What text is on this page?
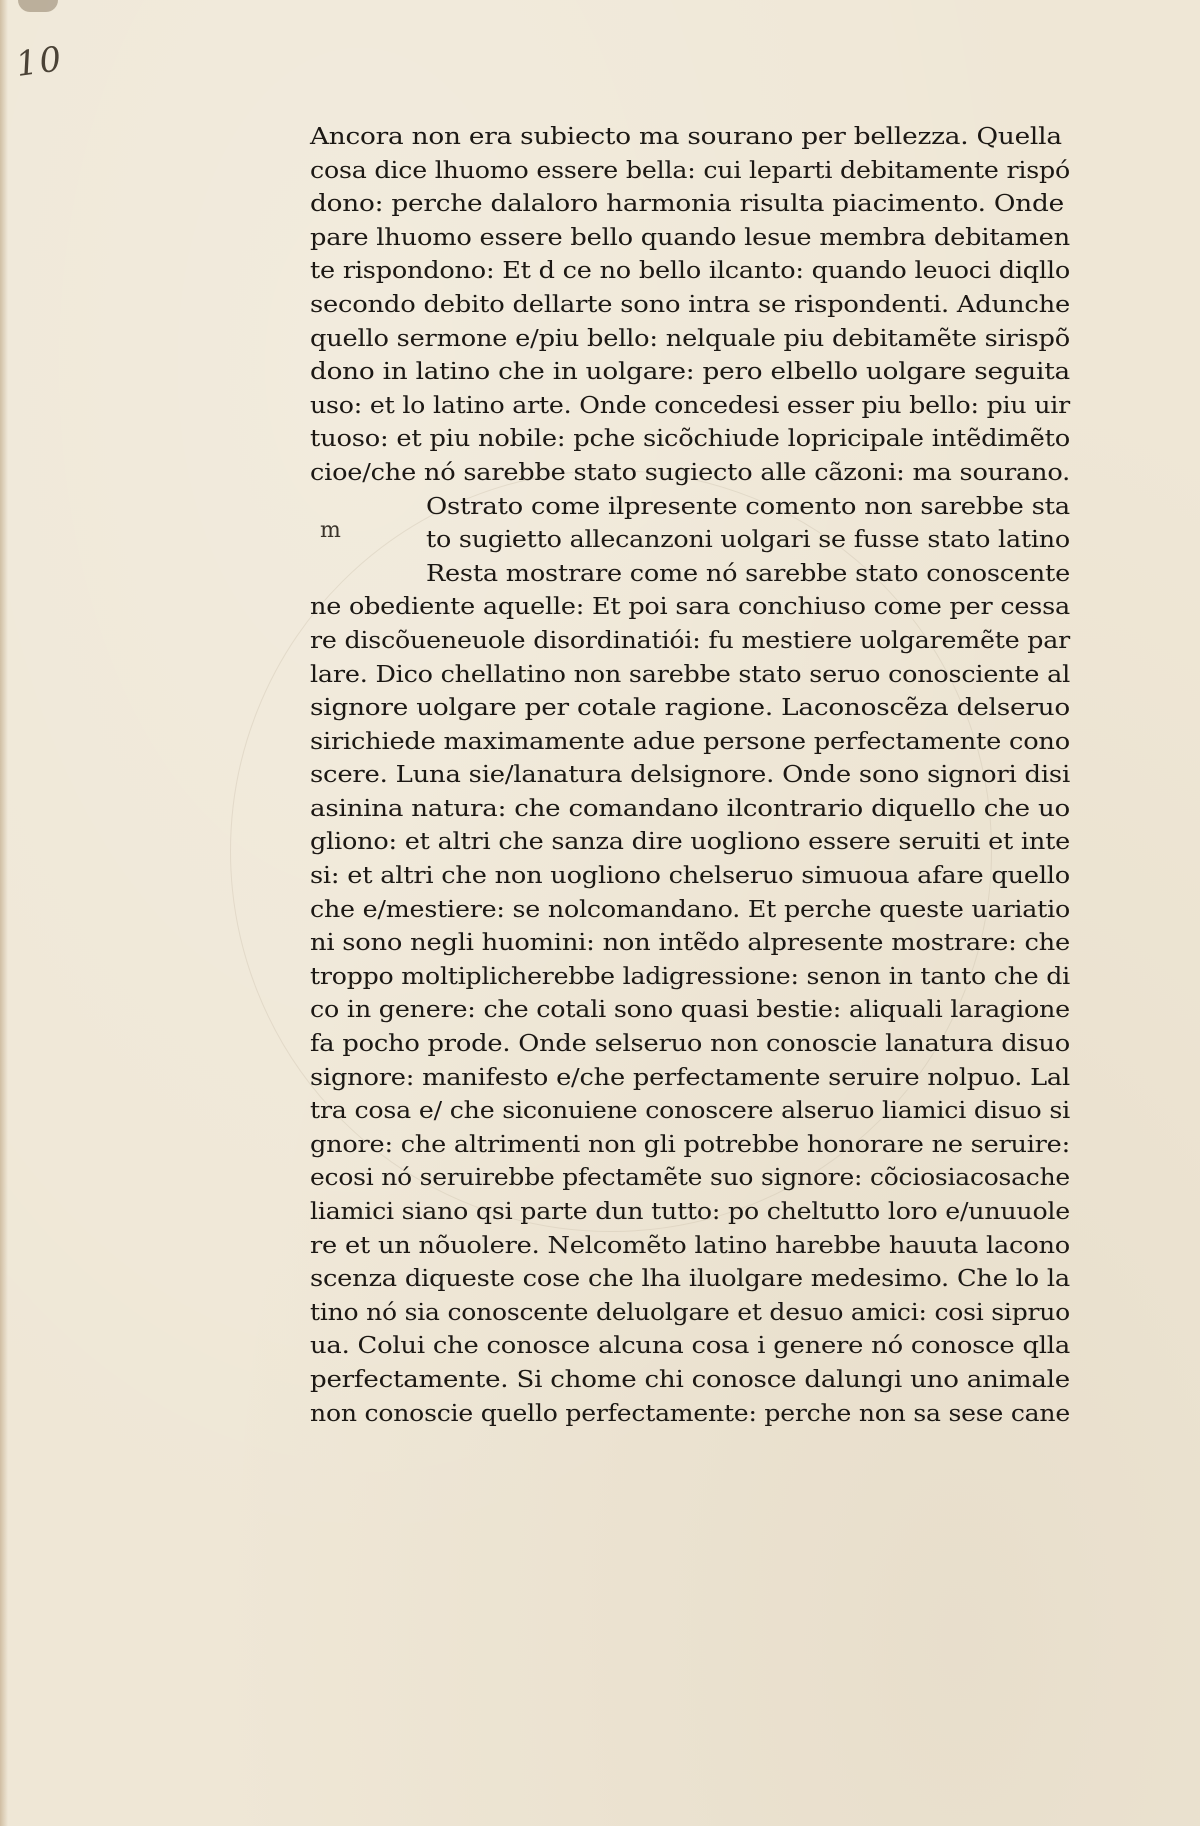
10
m
Ancora non era subiecto ma sourano per bellezza. Quella
cosa dice lhuomo essere bella: cui leparti debitamente rispó
dono: perche dalaloro harmonia risulta piacimento. Onde
pare lhuomo essere bello quando lesue membra debitamen
te rispondono: Et d ce no bello ilcanto: quando leuoci diqllo
secondo debito dellarte sono intra se rispondenti. Adunche
quello sermone e/piu bello: nelquale piu debitamẽte sirispõ
dono in latino che in uolgare: pero elbello uolgare seguita
uso: et lo latino arte. Onde concedesi esser piu bello: piu uir
tuoso: et piu nobile: pche sicõchiude lopricipale intẽdimẽto
cioe/che nó sarebbe stato sugiecto alle cãzoni: ma sourano.
Ostrato come ilpresente comento non sarebbe sta
to sugietto allecanzoni uolgari se fusse stato latino
Resta mostrare come nó sarebbe stato conoscente
ne obediente aquelle: Et poi sara conchiuso come per cessa
re discõueneuole disordinatiói: fu mestiere uolgaremẽte par
lare. Dico chellatino non sarebbe stato seruo conosciente al
signore uolgare per cotale ragione. Laconoscẽza delseruo
sirichiede maximamente adue persone perfectamente cono
scere. Luna sie/lanatura delsignore. Onde sono signori disi
asinina natura: che comandano ilcontrario diquello che uo
gliono: et altri che sanza dire uogliono essere seruiti et inte
si: et altri che non uogliono chelseruo simuoua afare quello
che e/mestiere: se nolcomandano. Et perche queste uariatio
ni sono negli huomini: non intẽdo alpresente mostrare: che
troppo moltiplicherebbe ladigressione: senon in tanto che di
co in genere: che cotali sono quasi bestie: aliquali laragione
fa pocho prode. Onde selseruo non conoscie lanatura disuo
signore: manifesto e/che perfectamente seruire nolpuo. Lal
tra cosa e/ che siconuiene conoscere alseruo liamici disuo si
gnore: che altrimenti non gli potrebbe honorare ne seruire:
ecosi nó seruirebbe pfectamẽte suo signore: cõciosiacosache
liamici siano qsi parte dun tutto: po cheltutto loro e/unuuole
re et un nõuolere. Nelcomẽto latino harebbe hauuta lacono
scenza diqueste cose che lha iluolgare medesimo. Che lo la
tino nó sia conoscente deluolgare et desuo amici: cosi sipruo
ua. Colui che conosce alcuna cosa i genere nó conosce qlla
perfectamente. Si chome chi conosce dalungi uno animale
non conoscie quello perfectamente: perche non sa sese cane
